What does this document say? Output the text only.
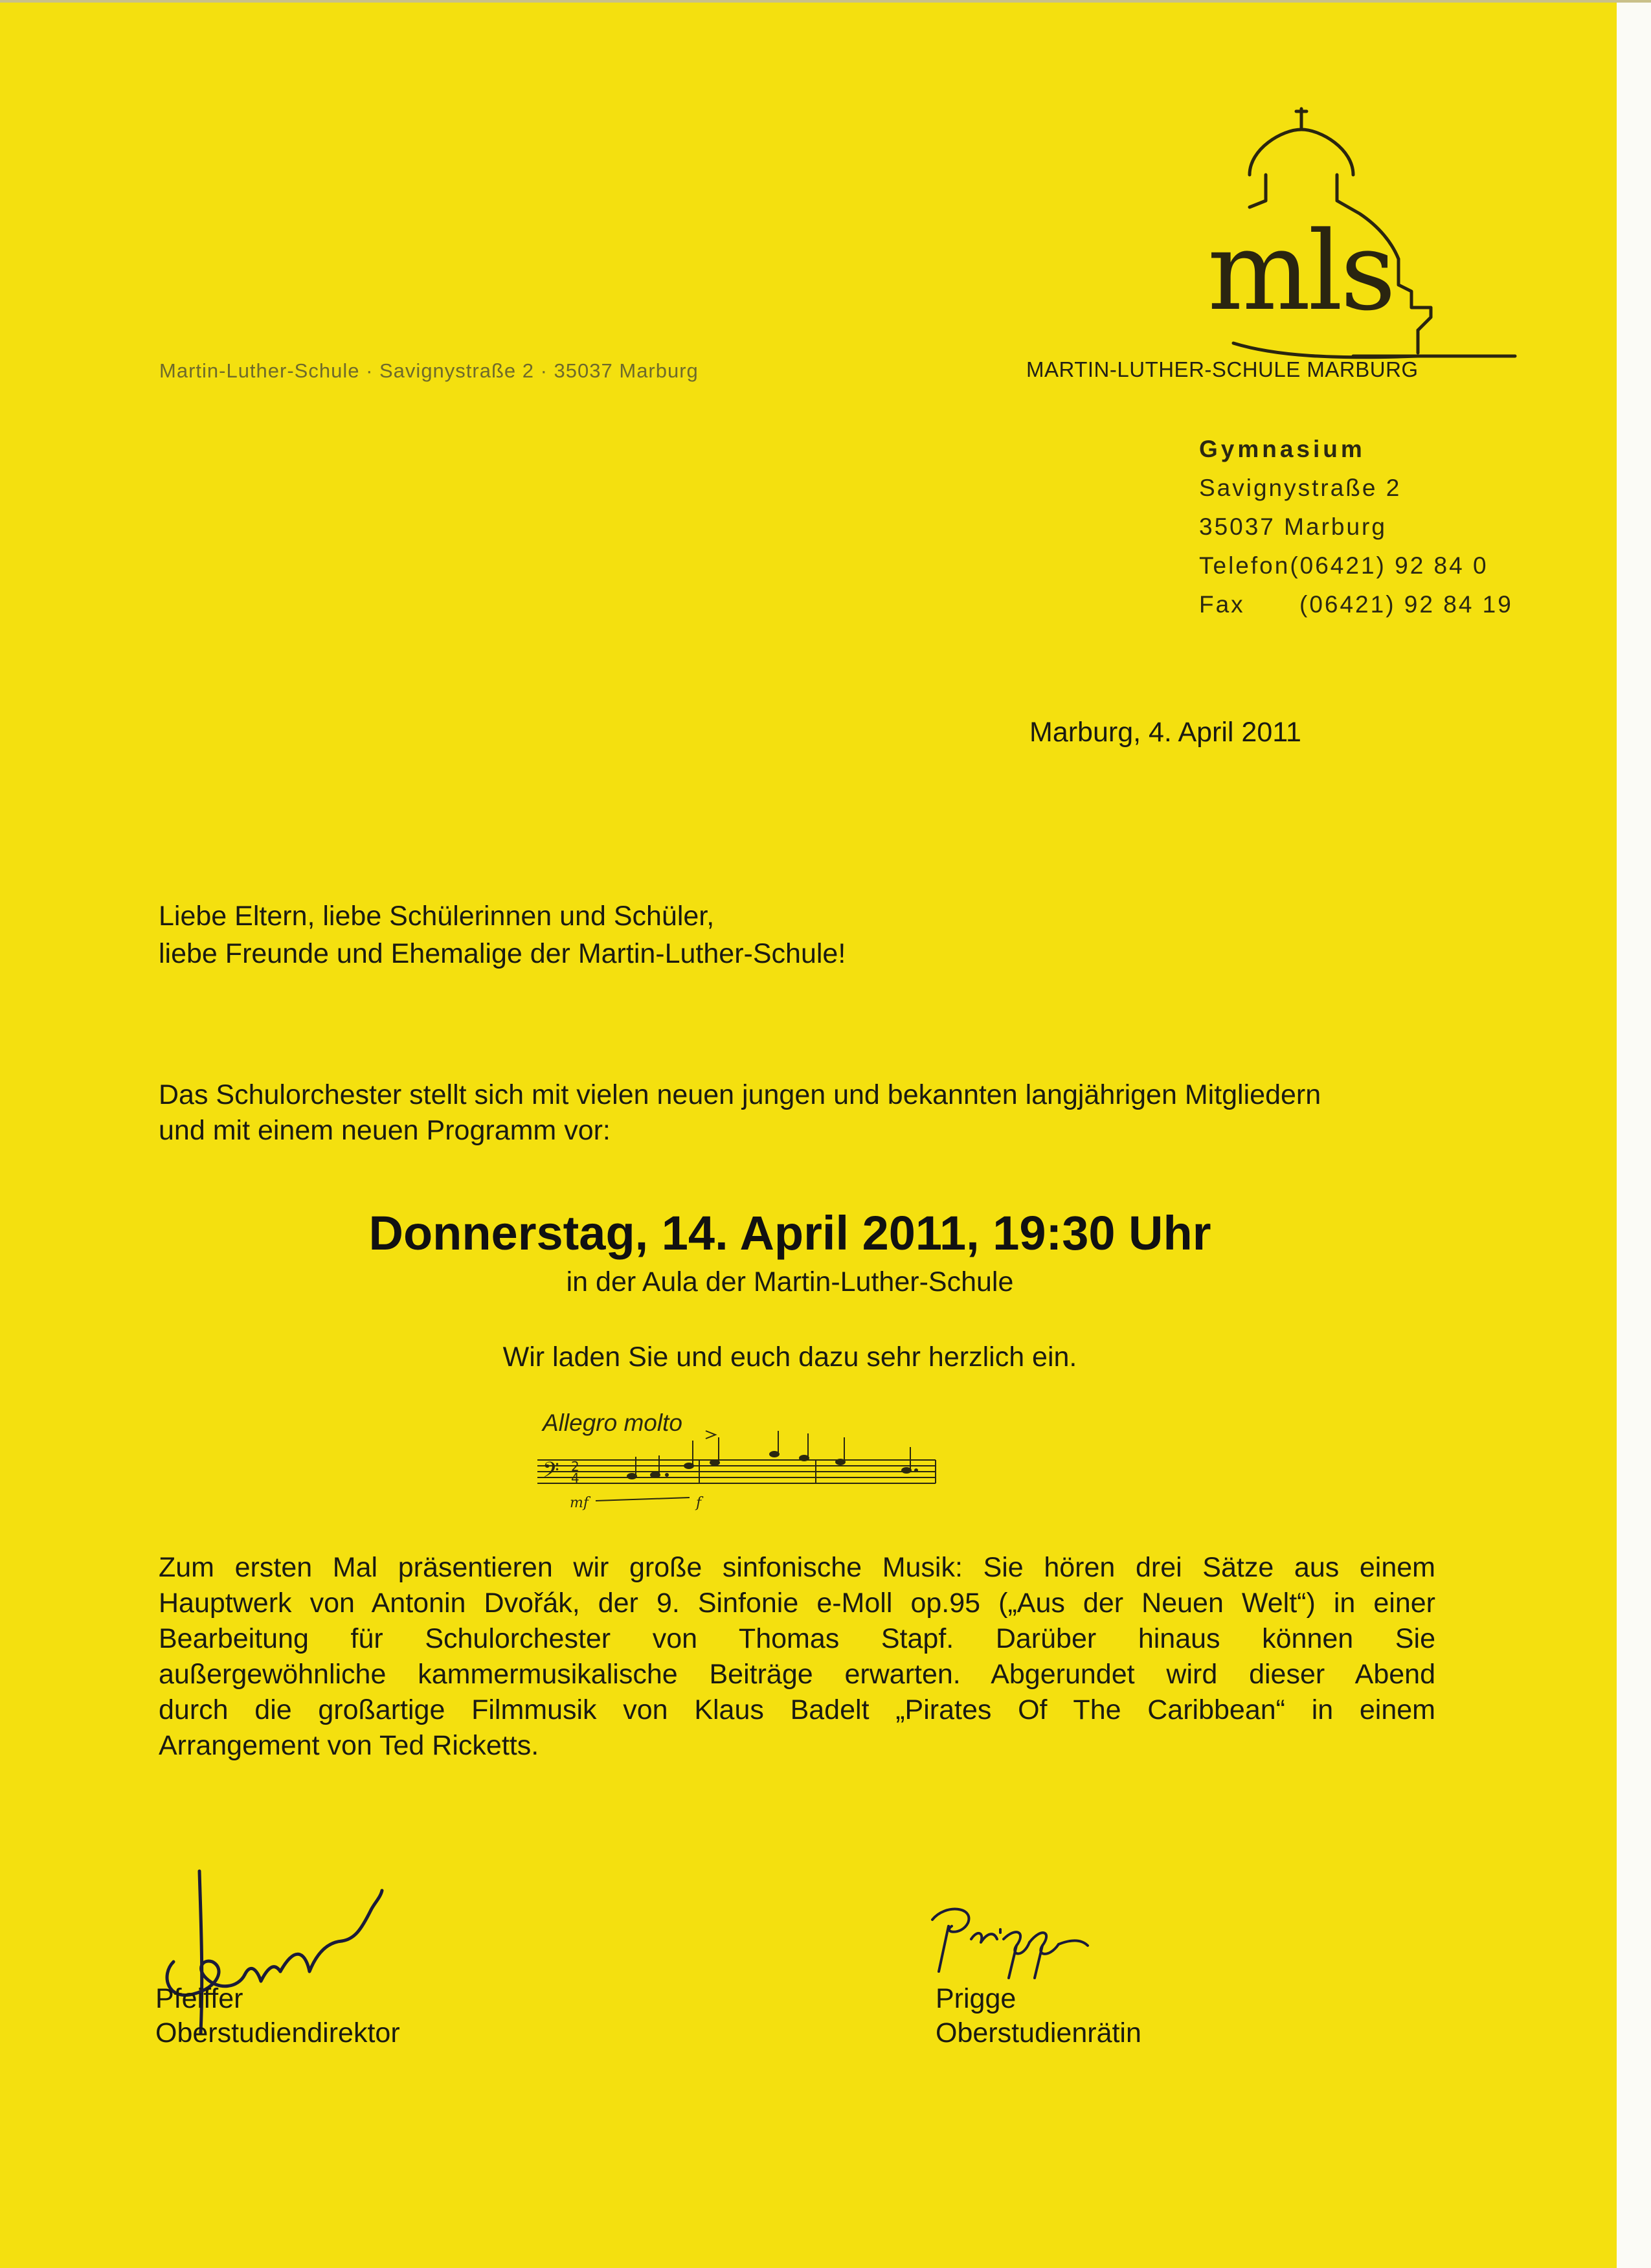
Martin-Luther-Schule · Savignystraße 2 · 35037 Marburg
mls
MARTIN-LUTHER-SCHULE MARBURG
Gymnasium
Savignystraße 2
35037 Marburg
Telefon(06421) 92 84 0
Fax (06421) 92 84 19
Marburg, 4. April 2011
Liebe Eltern, liebe Schülerinnen und Schüler,
liebe Freunde und Ehemalige der Martin-Luther-Schule!
Das Schulorchester stellt sich mit vielen neuen jungen und bekannten langjährigen Mitgliedern
und mit einem neuen Programm vor:
Donnerstag, 14. April 2011, 19:30 Uhr
in der Aula der Martin-Luther-Schule
Wir laden Sie und euch dazu sehr herzlich ein.
Allegro molto
𝄢 2
4
mf	f
Zum ersten Mal präsentieren wir große sinfonische Musik: Sie hören drei Sätze aus einem
Hauptwerk von Antonin Dvořák, der 9. Sinfonie e-Moll op.95 („Aus der Neuen Welt“) in einer
Bearbeitung für Schulorchester von Thomas Stapf. Darüber hinaus können Sie
außergewöhnliche kammermusikalische Beiträge erwarten. Abgerundet wird dieser Abend
durch die großartige Filmmusik von Klaus Badelt „Pirates Of The Caribbean“ in einem
Arrangement von Ted Ricketts.
Pfeiffer
Oberstudiendirektor
Prigge
Oberstudienrätin
